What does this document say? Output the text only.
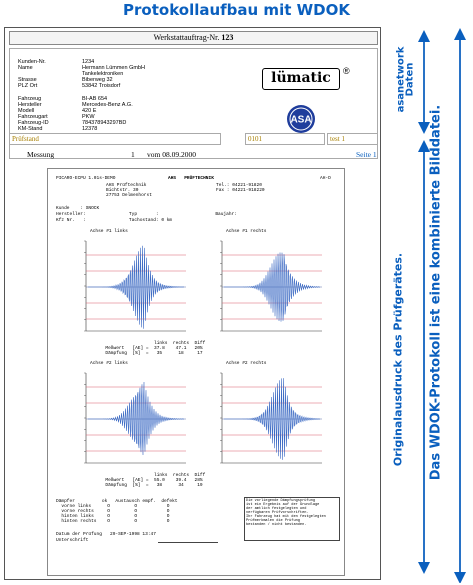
Protokollaufbau mit WDOK
Werkstattauftrag-Nr. 123
Kunden-Nr.	1234
Name	Hermann Lümmen GmbH
Tankelektroniken
Strasse	Biberweg 32
PLZ Ort	53842 Troisdorf
Fahrzeug	BI-AB 654
Hersteller	Mercedes-Benz A.G.
Modell	420 E
Fahrzeugart	PKW
Fahrzeug-ID	784378943297BD
KM-Stand	12378
lümatic	®
ASA
Prüfstand	0101	test 1
Messung	1 vom 08.09.2000	Seite 1
PICARO-ECPU 1.01s-DEMO	AHS   PRÜFTECHNIK	AH-D
AHS Prüftechnik
Bichtstr. 30
27753 Delmenhorst
Tel.: 04221-91820
Fax : 04221-918220
Kunde    : SNOCK
Hersteller:                Typ       :                     Baujahr:
Kfz Nr.   :                Tachostand: 0 km
Achse #1 links	Achse #1 rechts
links  rechts  Diff
Meßwert   [AE] =  37.8    47.1   20%
Dämpfung  [%]  =   35      18     17
Achse #2 links	Achse #2 rechts
links  rechts  Diff
Meßwert   [AE] =  55.0    39.4   28%
Dämpfung  [%]  =   38      34     19
Dämpfer          ok   Austausch empf.  defekt
vorne links      O         O           O
vorne rechts     O         O           O
hinten links     O         O           O
hinten rechts    O         O           O
Die vorliegende Dämpfungsprüfung
ist ein Ergebnis auf der Grundlage
der amtlich festgelegten und
verfügbaren Prüfvorschriften.
Ihr Fahrzeug hat mit den festgelegten
Prüfmerkmalen die Prüfung
bestanden / nicht bestanden.
Datum der Prüfung   29-SEP-1998 13:47
Unterschrift
asanetwork
Daten
Originalausdruck des Prüfgerätes. Das WDOK-Protokoll ist eine kombinierte Bilddatei.
